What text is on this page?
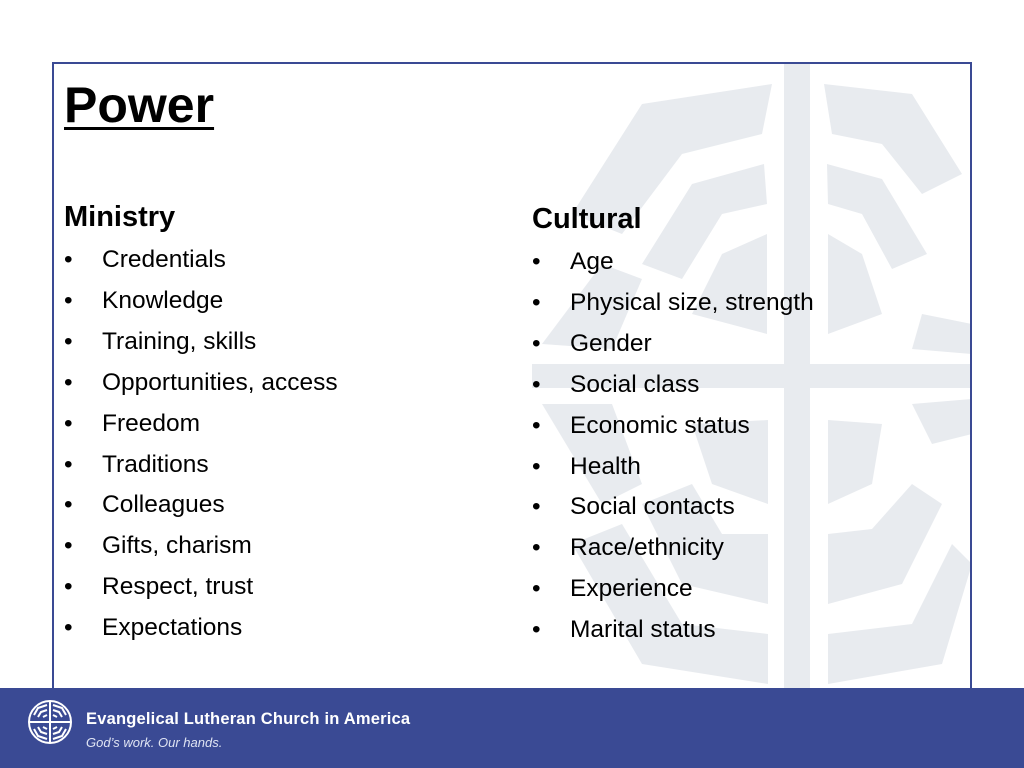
Power
Ministry
• Credentials
• Knowledge
• Training, skills
• Opportunities, access
• Freedom
• Traditions
• Colleagues
• Gifts, charism
• Respect, trust
• Expectations
Cultural
• Age
• Physical size, strength
• Gender
• Social class
• Economic status
• Health
• Social contacts
• Race/ethnicity
• Experience
• Marital status
Evangelical Lutheran Church in America
God’s work. Our hands.
